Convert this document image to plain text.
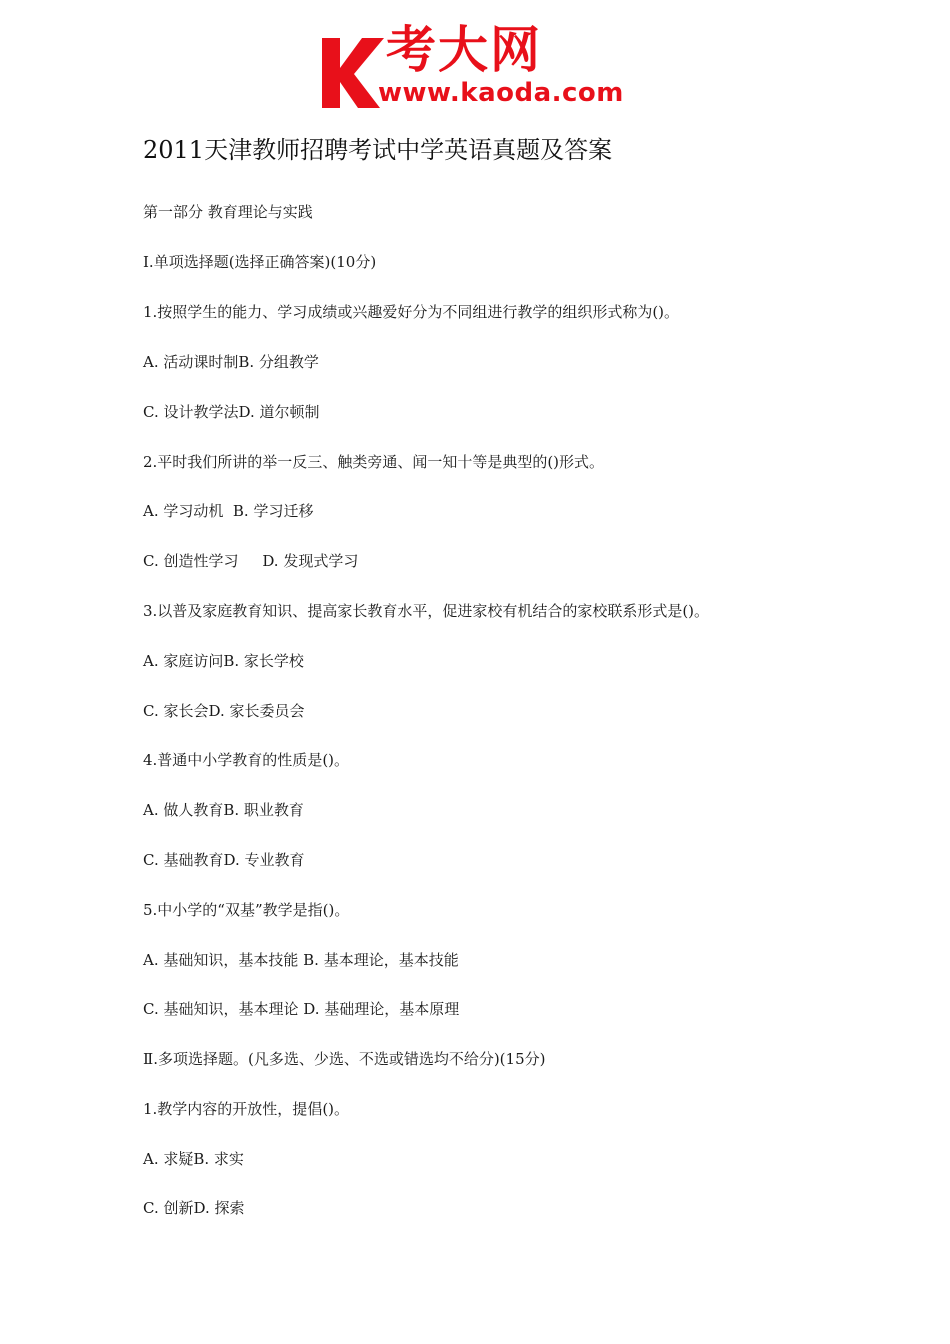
考大网
www.kaoda.com
2011天津教师招聘考试中学英语真题及答案
第一部分 教育理论与实践
Ⅰ.单项选择题(选择正确答案)(10分)
1.按照学生的能力、学习成绩或兴趣爱好分为不同组进行教学的组织形式称为()。
A. 活动课时制B. 分组教学
C. 设计教学法D. 道尔顿制
2.平时我们所讲的举一反三、触类旁通、闻一知十等是典型的()形式。
A. 学习动机  B. 学习迁移
C. 创造性学习     D. 发现式学习
3.以普及家庭教育知识、提高家长教育水平，促进家校有机结合的家校联系形式是()。
A. 家庭访问B. 家长学校
C. 家长会D. 家长委员会
4.普通中小学教育的性质是()。
A. 做人教育B. 职业教育
C. 基础教育D. 专业教育
5.中小学的“双基”教学是指()。
A. 基础知识，基本技能 B. 基本理论，基本技能
C. 基础知识，基本理论 D. 基础理论，基本原理
Ⅱ.多项选择题。(凡多选、少选、不选或错选均不给分)(15分)
1.教学内容的开放性，提倡()。
A. 求疑B. 求实
C. 创新D. 探索
